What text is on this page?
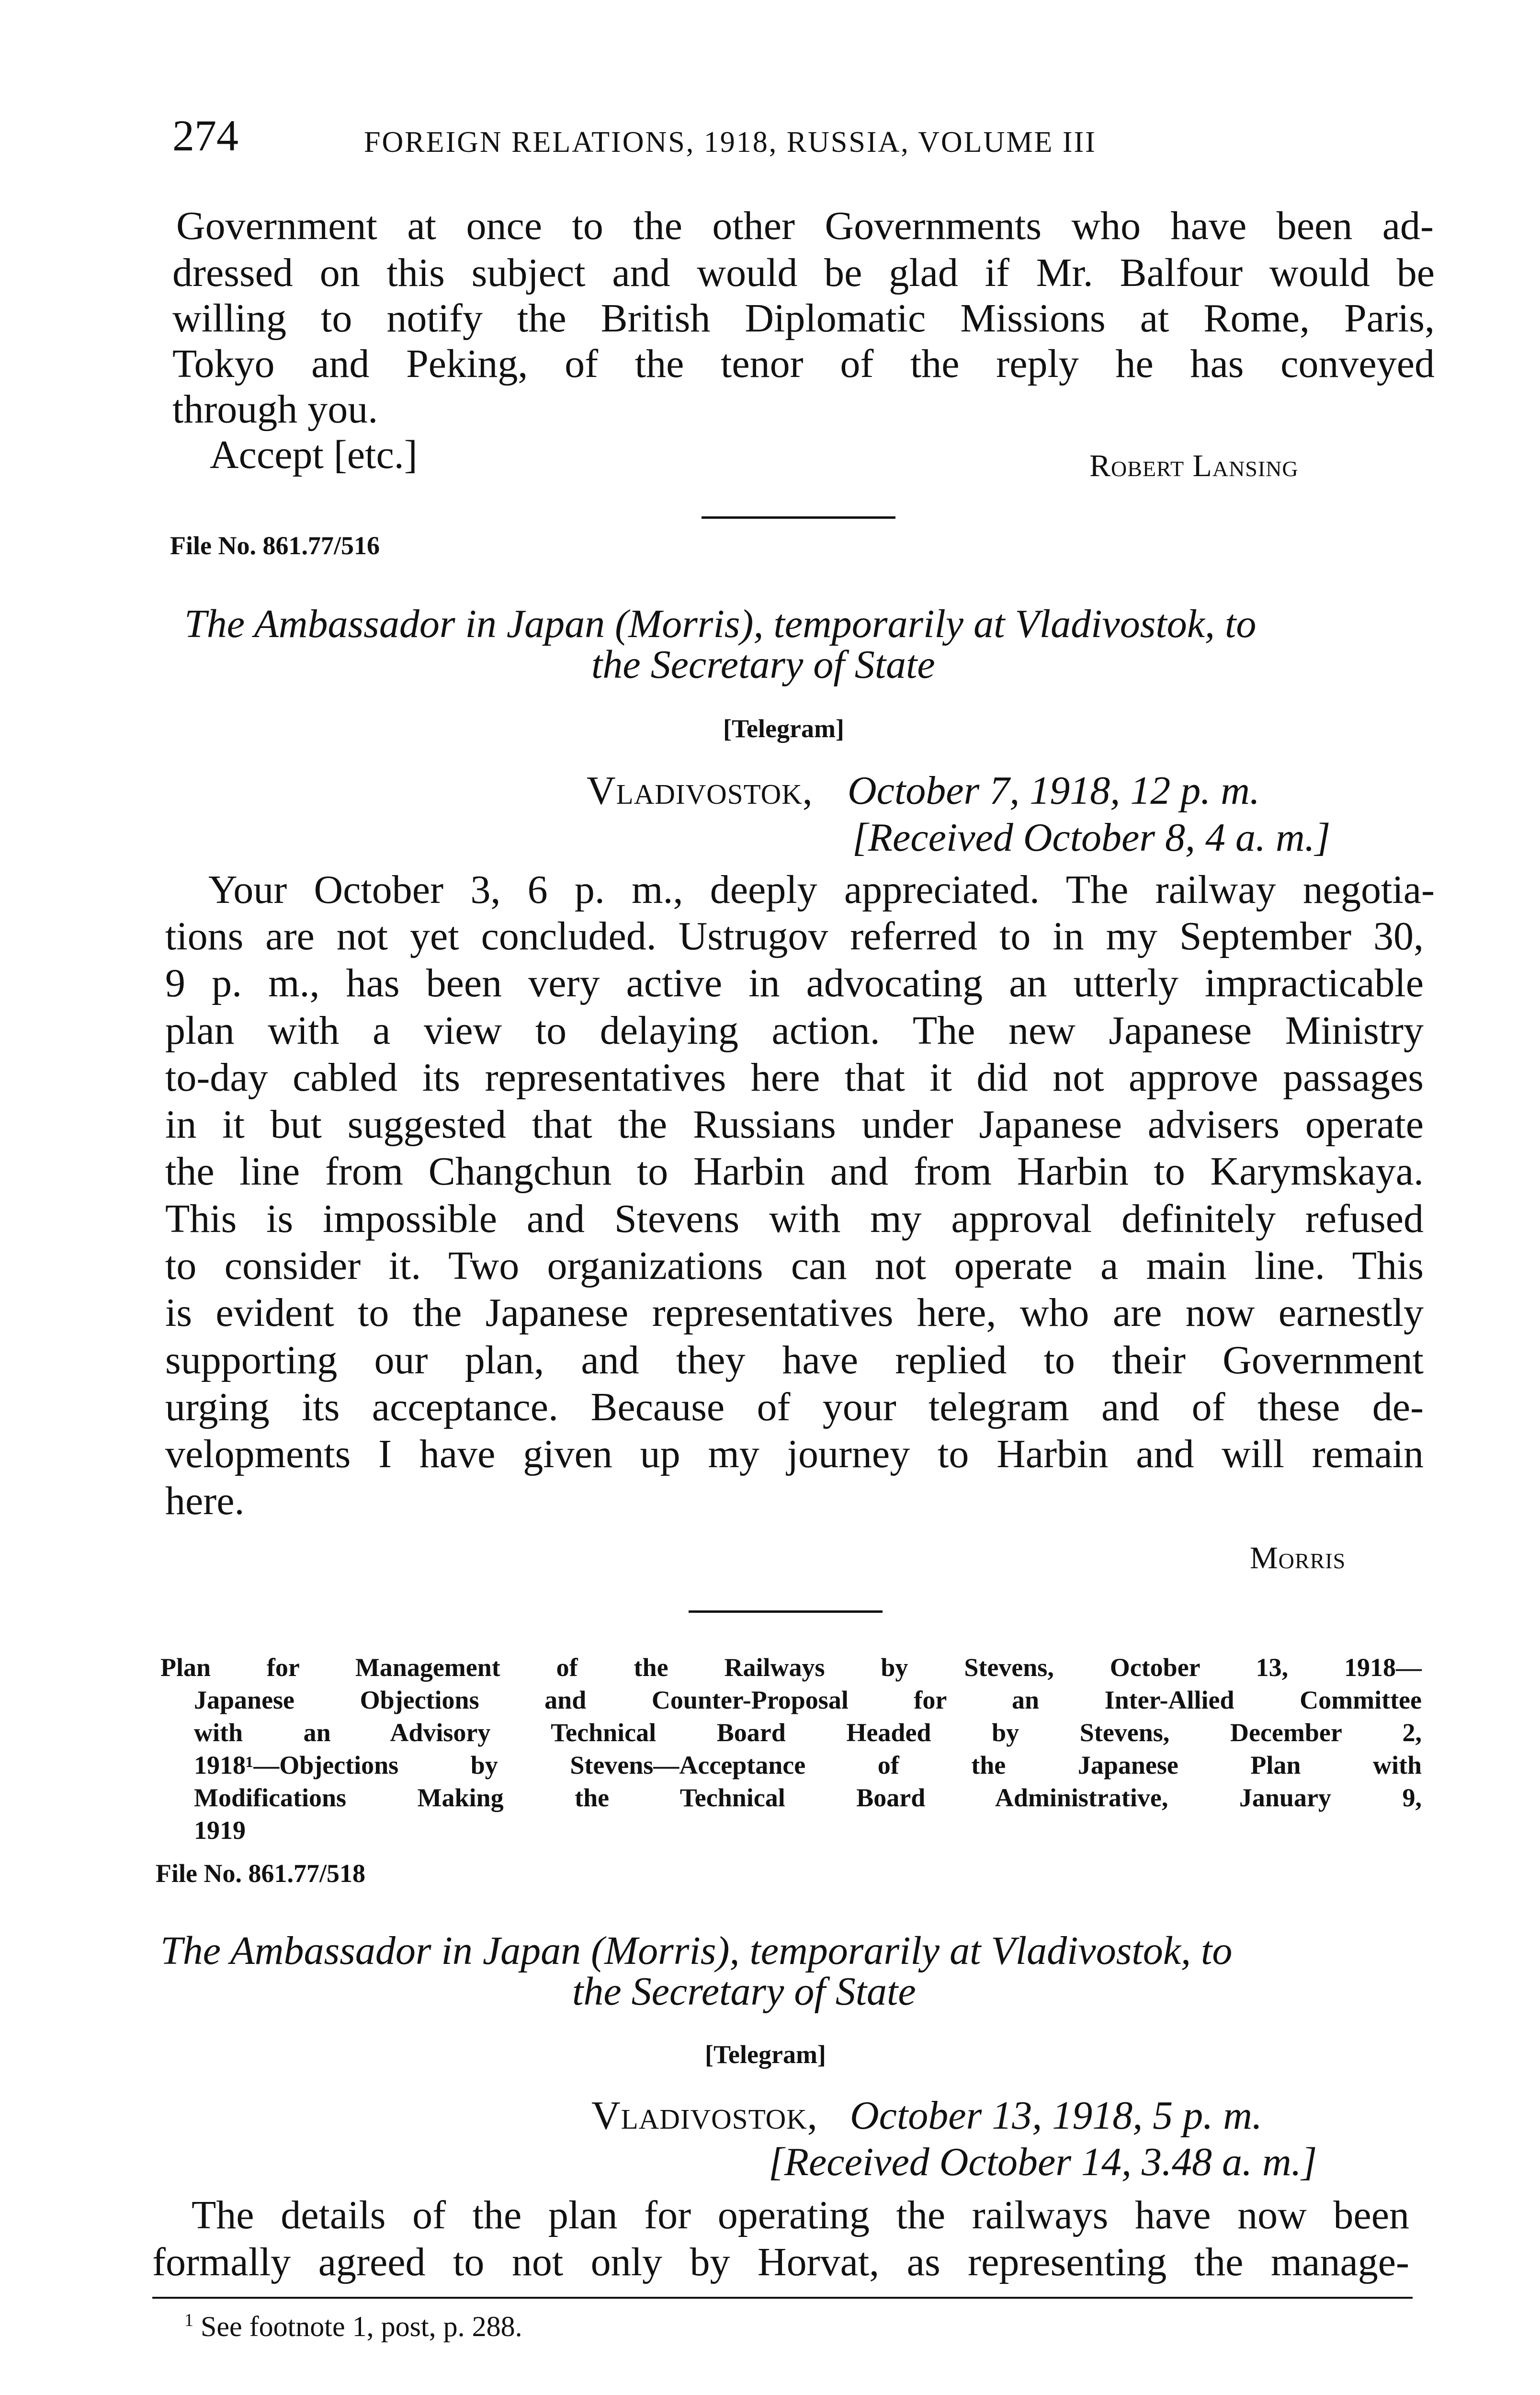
274	FOREIGN RELATIONS, 1918, RUSSIA, VOLUME III
Government at once to the other Governments who have been ad-
dressed on this subject and would be glad if Mr. Balfour would be
willing to notify the British Diplomatic Missions at Rome, Paris,
Tokyo and Peking, of the tenor of the reply he has conveyed
through you.
Accept [etc.]	Robert Lansing
File No. 861.77/516
The Ambassador in Japan (Morris), temporarily at Vladivostok, to
the Secretary of State
[Telegram]
Vladivostok, October 7, 1918, 12 p. m.
[Received October 8, 4 a. m.]
Your October 3, 6 p. m., deeply appreciated. The railway negotia-
tions are not yet concluded. Ustrugov referred to in my September 30,
9 p. m., has been very active in advocating an utterly impracticable
plan with a view to delaying action. The new Japanese Ministry
to-day cabled its representatives here that it did not approve passages
in it but suggested that the Russians under Japanese advisers operate
the line from Changchun to Harbin and from Harbin to Karymskaya.
This is impossible and Stevens with my approval definitely refused
to consider it. Two organizations can not operate a main line. This
is evident to the Japanese representatives here, who are now earnestly
supporting our plan, and they have replied to their Government
urging its acceptance. Because of your telegram and of these de-
velopments I have given up my journey to Harbin and will remain
here.
Morris
Plan for Management of the Railways by Stevens, October 13, 1918—
Japanese Objections and Counter-Proposal for an Inter-Allied Committee
with an Advisory Technical Board Headed by Stevens, December 2,
1918¹—Objections by Stevens—Acceptance of the Japanese Plan with
Modifications Making the Technical Board Administrative, January 9,
1919
File No. 861.77/518
The Ambassador in Japan (Morris), temporarily at Vladivostok, to
the Secretary of State
[Telegram]
Vladivostok, October 13, 1918, 5 p. m.
[Received October 14, 3.48 a. m.]
The details of the plan for operating the railways have now been
formally agreed to not only by Horvat, as representing the manage-
$^1$ See footnote 1, post, p. 288.
